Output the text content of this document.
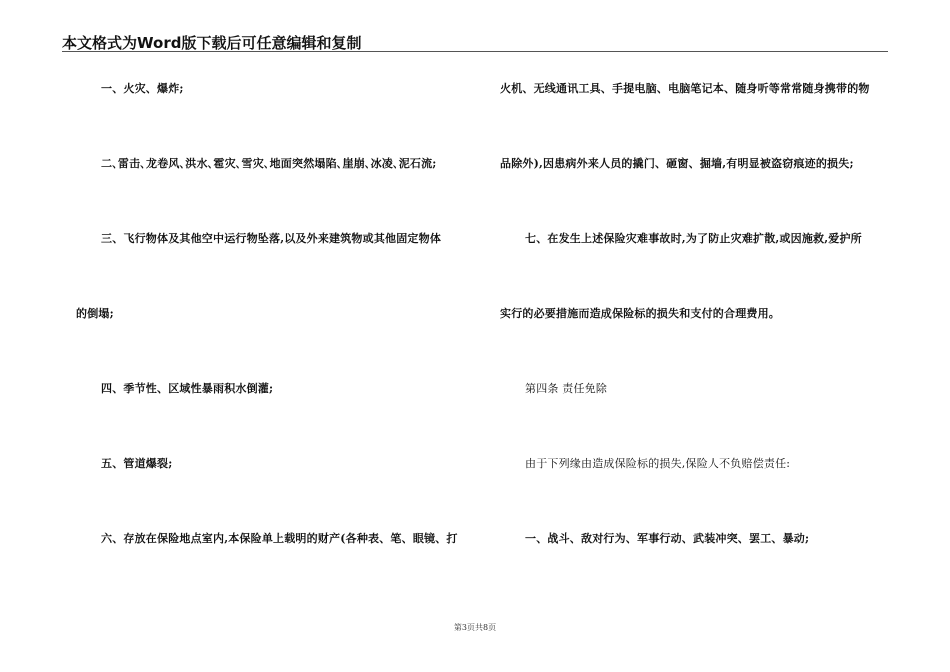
本文格式为Word版下载后可任意编辑和复制
一、火灾、爆炸;
二､雷击､龙卷风､洪水､雹灾､雪灾､地面突然塌陷､崖崩､冰凌､泥石流;
三、飞行物体及其他空中运行物坠落,以及外来建筑物或其他固定物体
的倒塌;
四、季节性、区域性暴雨积水倒灌;
五、管道爆裂;
六、存放在保险地点室内,本保险单上载明的财产(各种表、笔、眼镜、打
火机、无线通讯工具、手提电脑、电脑笔记本、随身听等常常随身携带的物
品除外),因患病外来人员的撬门、砸窗、掘墙,有明显被盗窃痕迹的损失;
七、在发生上述保险灾难事故时,为了防止灾难扩散,或因施救,爱护所
实行的必要措施而造成保险标的损失和支付的合理费用。
第四条 责任免除
由于下列缘由造成保险标的损失,保险人不负赔偿责任:
一、战斗、敌对行为、军事行动、武装冲突、罢工、暴动;
第3页共8页
